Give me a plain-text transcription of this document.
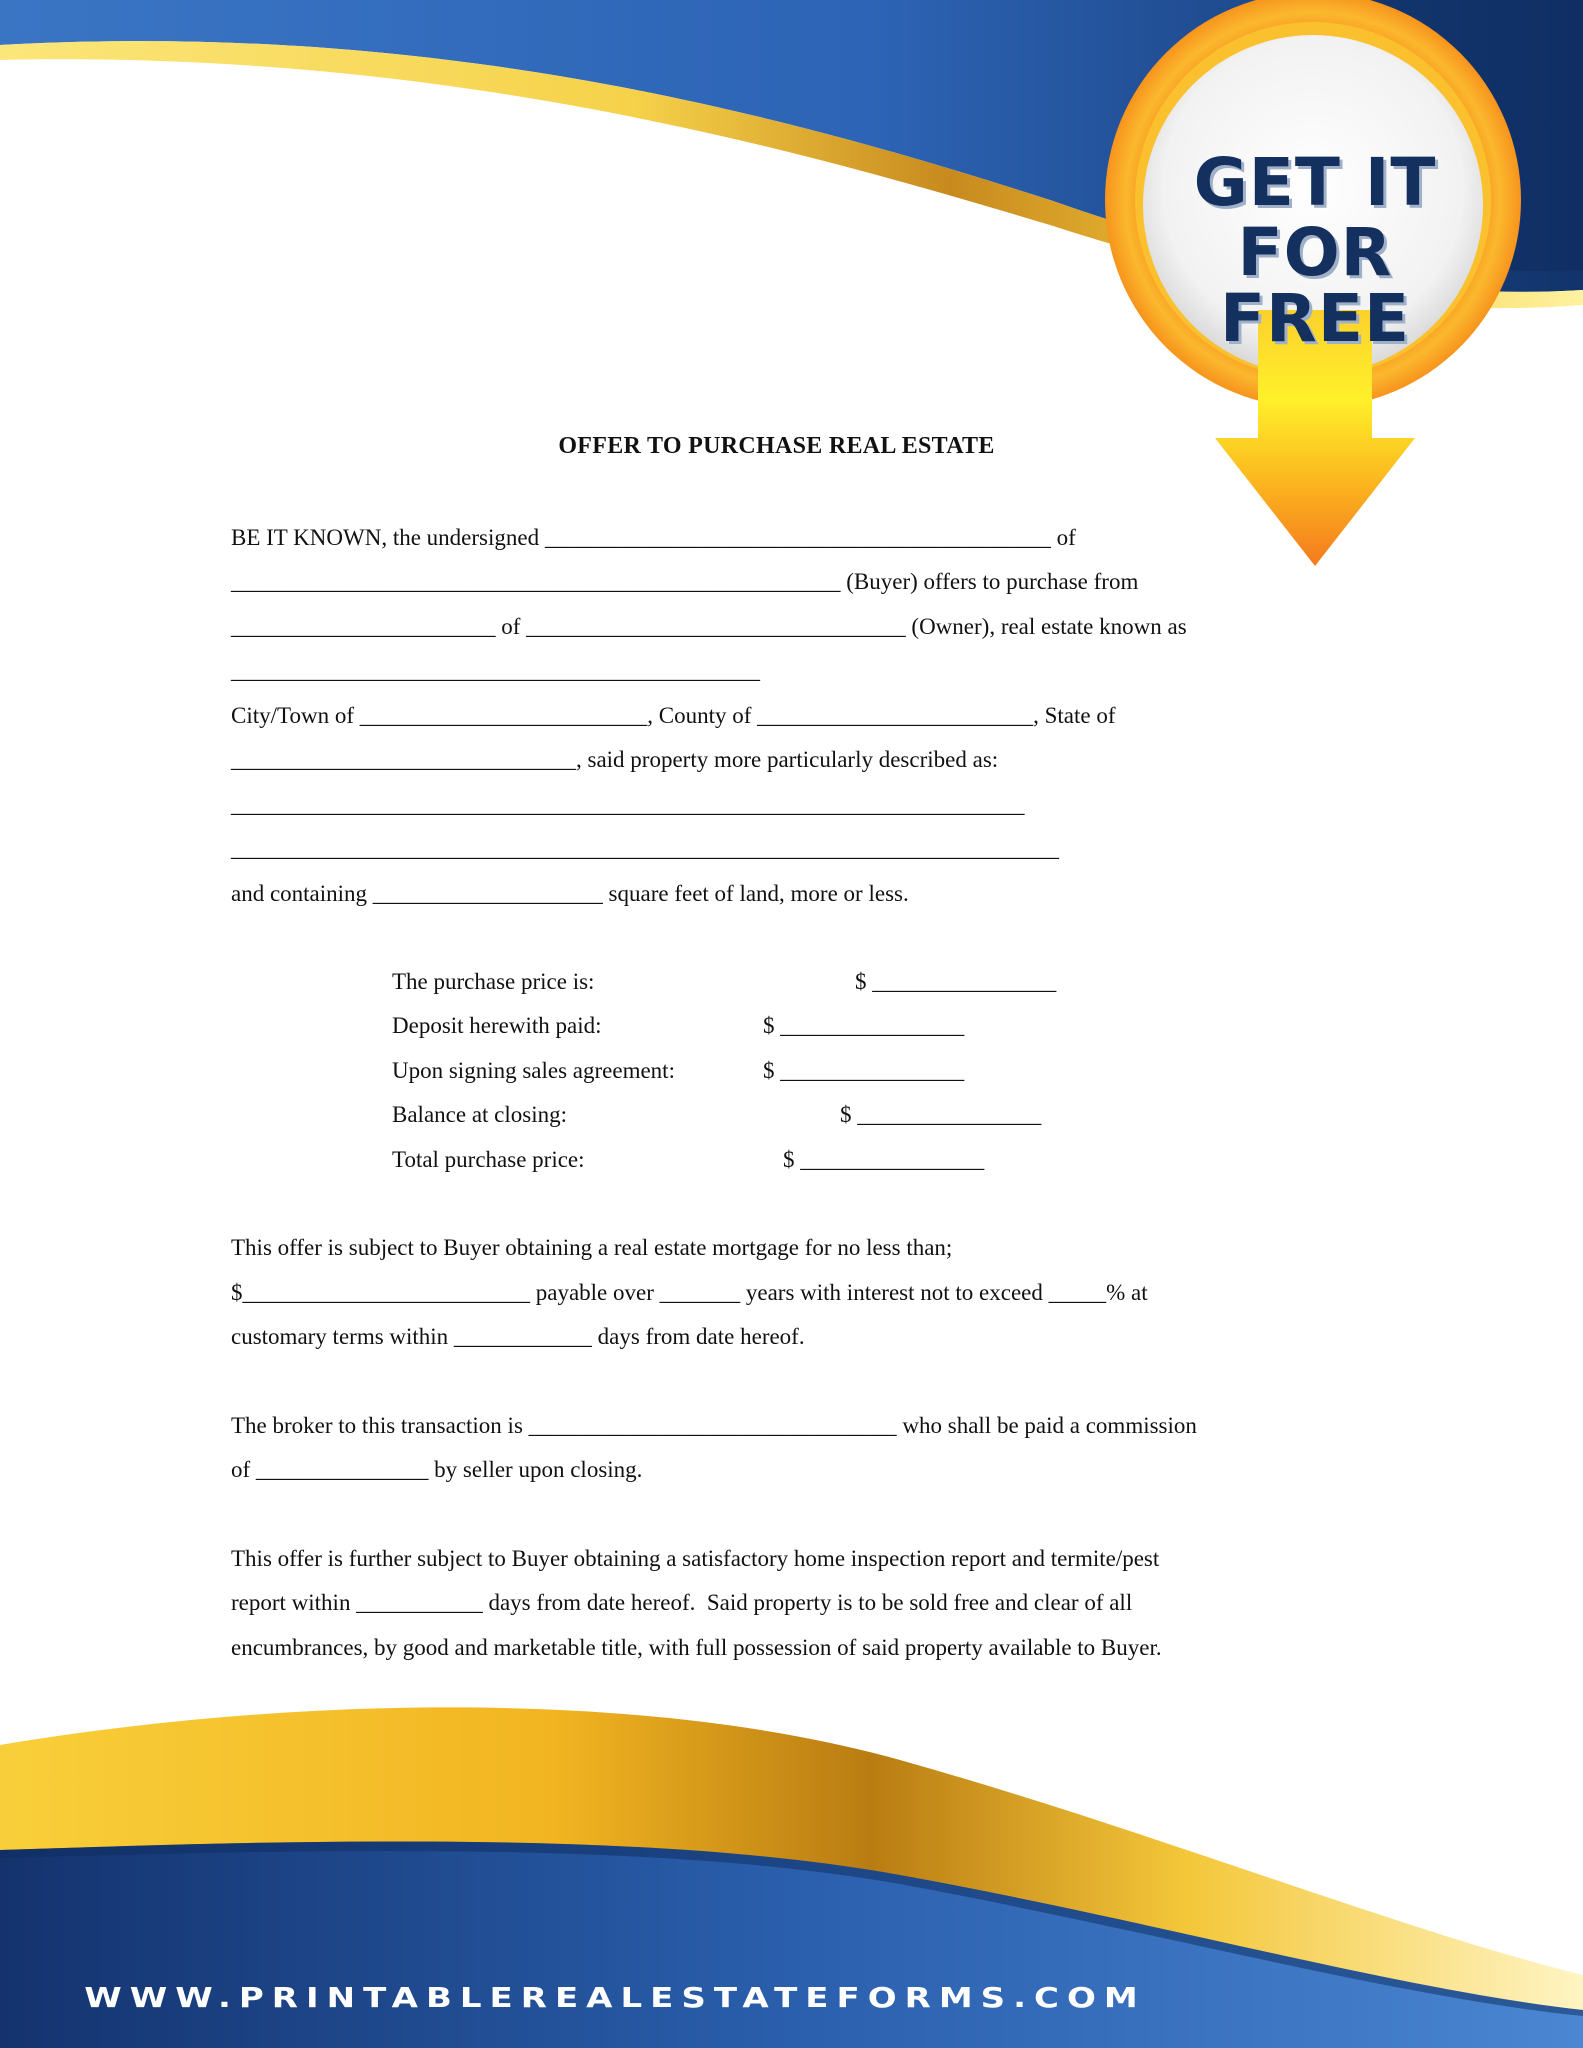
GET IT
FOR FREE
OFFER TO PURCHASE REAL ESTATE
BE IT KNOWN, the undersigned ____________________________________________ of
_____________________________________________________ (Buyer) offers to purchase from
_______________________ of _________________________________ (Owner), real estate known as
______________________________________________
City/Town of _________________________, County of ________________________, State of
______________________________, said property more particularly described as:
_____________________________________________________________________
________________________________________________________________________
and containing ____________________ square feet of land, more or less.
The purchase price is:	$ ________________
Deposit herewith paid:	$ ________________
Upon signing sales agreement:	$ ________________
Balance at closing:	$ ________________
Total purchase price:	$ ________________
This offer is subject to Buyer obtaining a real estate mortgage for no less than;
$_________________________ payable over _______ years with interest not to exceed _____% at
customary terms within ____________ days from date hereof.
The broker to this transaction is ________________________________ who shall be paid a commission
of _______________ by seller upon closing.
This offer is further subject to Buyer obtaining a satisfactory home inspection report and termite/pest
report within ___________ days from date hereof.  Said property is to be sold free and clear of all
encumbrances, by good and marketable title, with full possession of said property available to Buyer.
WWW.PRINTABLEREALESTATEFORMS.COM
